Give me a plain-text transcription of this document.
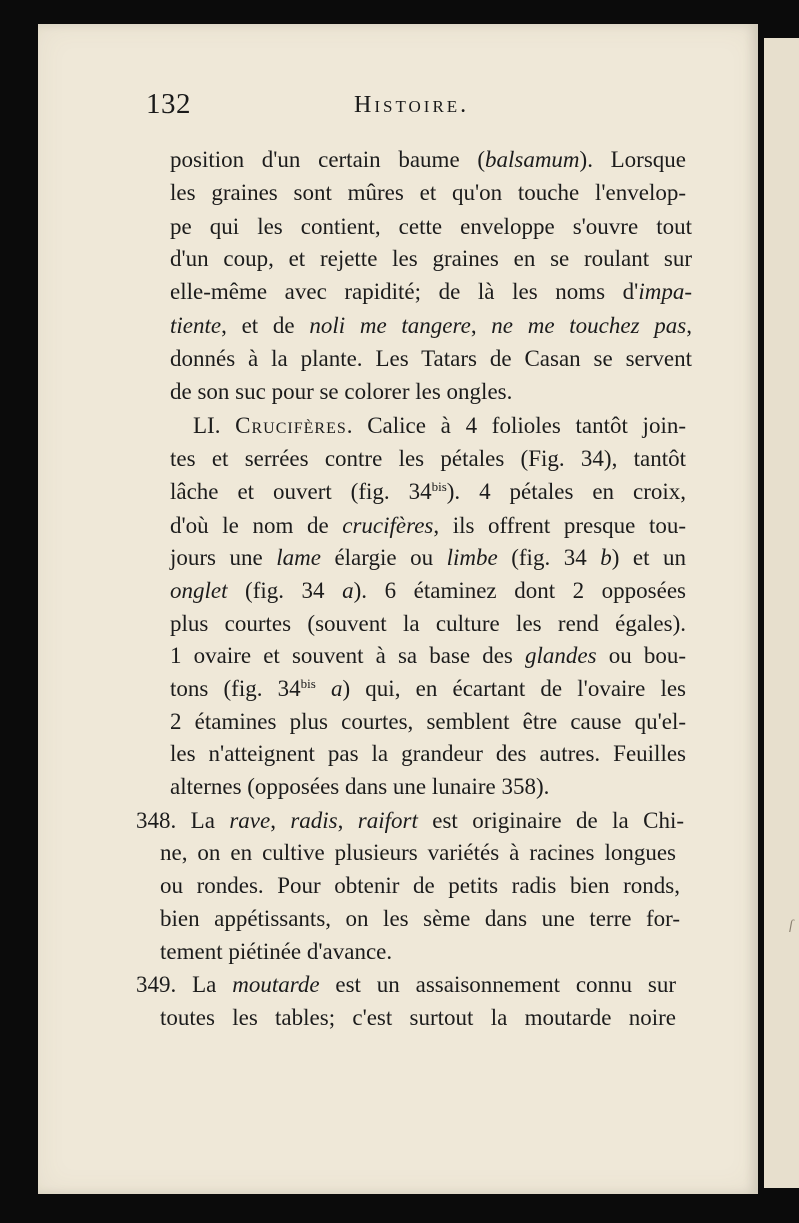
ſ
132	Histoire.
position d'un certain baume (balsamum). Lorsque
les graines sont mûres et qu'on touche l'envelop-
pe qui les contient, cette enveloppe s'ouvre tout
d'un coup, et rejette les graines en se roulant sur
elle-même avec rapidité; de là les noms d'impa-
tiente, et de noli me tangere, ne me touchez pas,
donnés à la plante. Les Tatars de Casan se servent
de son suc pour se colorer les ongles.
LI. Crucifères. Calice à 4 folioles tantôt join-
tes et serrées contre les pétales (Fig. 34), tantôt
lâche et ouvert (fig. $34^{bis}$). 4 pétales en croix,
d'où le nom de crucifères, ils offrent presque tou-
jours une lame élargie ou limbe (fig. 34 b) et un
onglet (fig. 34 a). 6 étaminez dont 2 opposées
plus courtes (souvent la culture les rend égales).
1 ovaire et souvent à sa base des glandes ou bou-
tons (fig. $34^{bis}$ a) qui, en écartant de l'ovaire les
2 étamines plus courtes, semblent être cause qu'el-
les n'atteignent pas la grandeur des autres. Feuilles
alternes (opposées dans une lunaire 358).
348. La rave, radis, raifort est originaire de la Chi-
ne, on en cultive plusieurs variétés à racines longues
ou rondes. Pour obtenir de petits radis bien ronds,
bien appétissants, on les sème dans une terre for-
tement piétinée d'avance.
349. La moutarde est un assaisonnement connu sur
toutes les tables; c'est surtout la moutarde noire
